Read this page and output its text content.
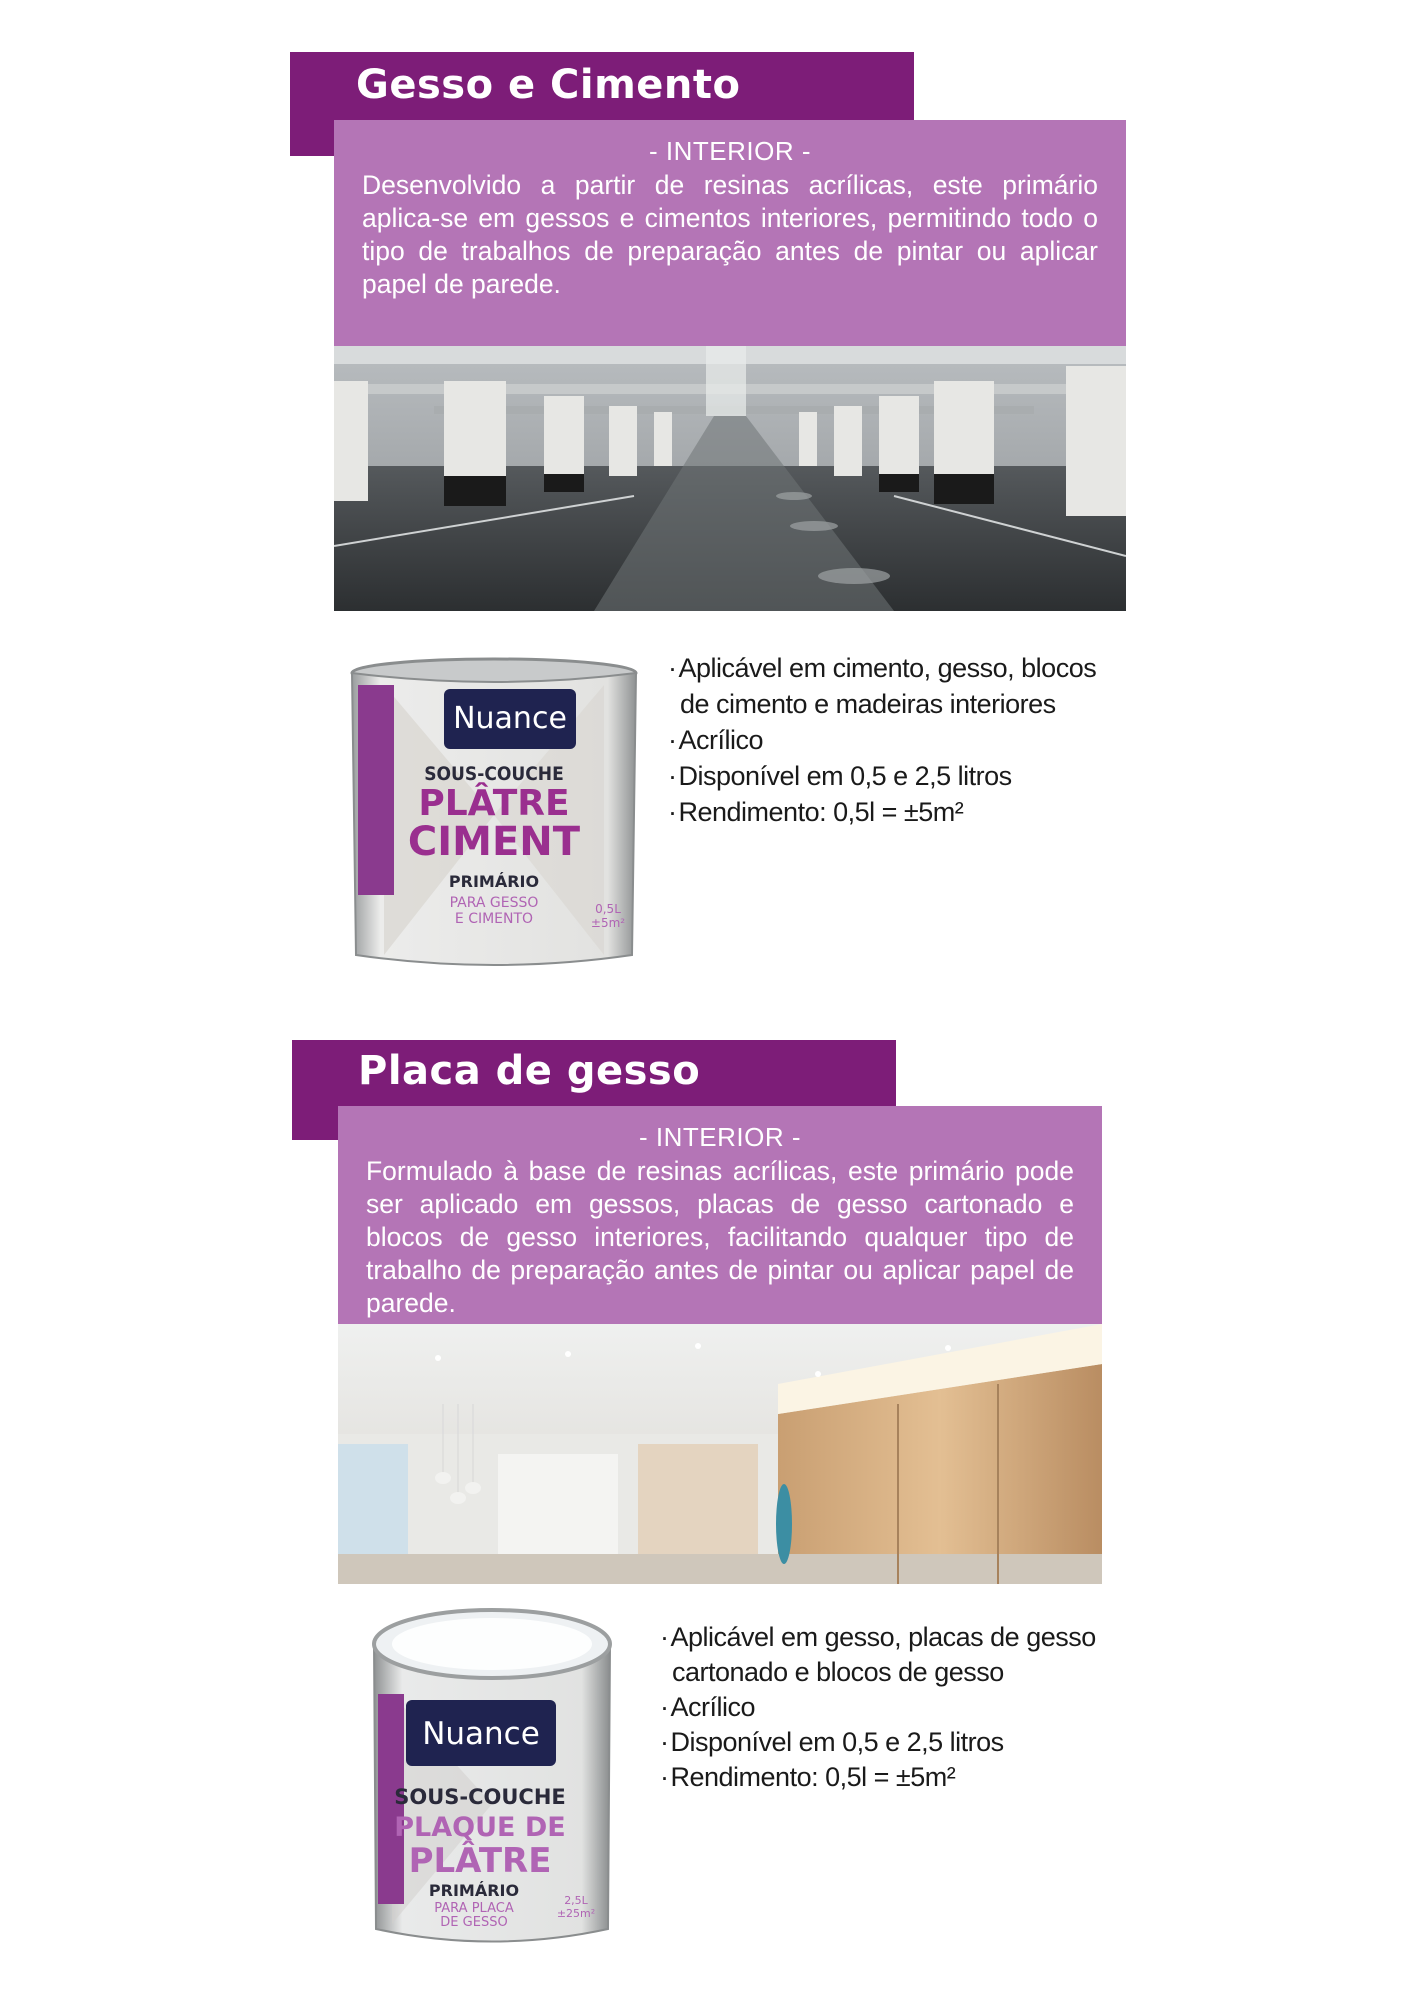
Gesso e Cimento
- INTERIOR -
Desenvolvido a partir de resinas acrílicas, este primário aplica-se em gessos e cimentos interiores, permitindo todo o tipo de trabalhos de preparação antes de pintar ou aplicar papel de parede.
Nuance
SOUS-COUCHE
PLÂTRE
CIMENT
PRIMÁRIO
PARA GESSO
E CIMENTO
0,5L
±5m²
· Aplicável em cimento, gesso, blocos de cimento e madeiras interiores
· Acrílico
· Disponível em 0,5 e 2,5 litros
· Rendimento: 0,5l = ±5m²
Placa de gesso
- INTERIOR -
Formulado à base de resinas acrílicas, este primário pode ser aplicado em gessos, placas de gesso cartonado e blocos de gesso interiores, facilitando qualquer tipo de trabalho de preparação antes de pintar ou aplicar papel de parede.
Nuance
SOUS-COUCHE
PLAQUE DE
PLÂTRE
PRIMÁRIO
PARA PLACA
DE GESSO
2,5L
±25m²
· Aplicável em gesso, placas de gesso cartonado e blocos de gesso
· Acrílico
· Disponível em 0,5 e 2,5 litros
· Rendimento: 0,5l = ±5m²
